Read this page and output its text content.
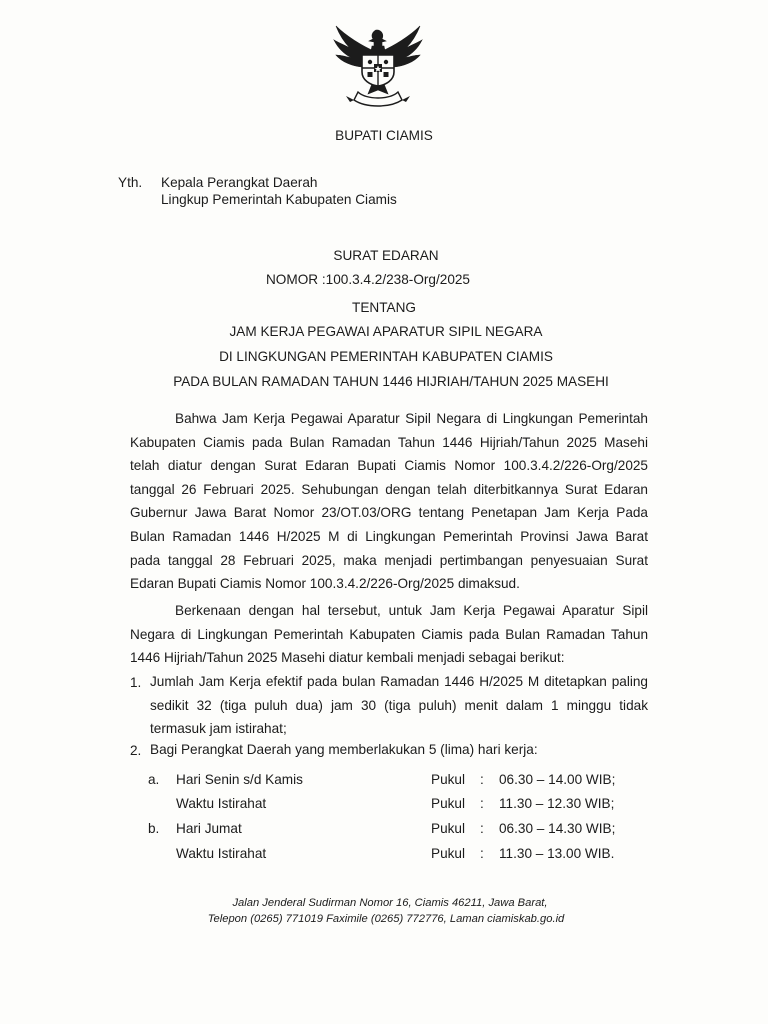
BUPATI CIAMIS
Yth. Kepala Perangkat Daerah
Lingkup Pemerintah Kabupaten Ciamis
SURAT EDARAN
NOMOR :100.3.4.2/238-Org/2025
TENTANG
JAM KERJA PEGAWAI APARATUR SIPIL NEGARA
DI LINGKUNGAN PEMERINTAH KABUPATEN CIAMIS
PADA BULAN RAMADAN TAHUN 1446 HIJRIAH/TAHUN 2025 MASEHI
Bahwa Jam Kerja Pegawai Aparatur Sipil Negara di Lingkungan Pemerintah
Kabupaten Ciamis pada Bulan Ramadan Tahun 1446 Hijriah/Tahun 2025 Masehi
telah diatur dengan Surat Edaran Bupati Ciamis Nomor 100.3.4.2/226-Org/2025
tanggal 26 Februari 2025. Sehubungan dengan telah diterbitkannya Surat Edaran
Gubernur Jawa Barat Nomor 23/OT.03/ORG tentang Penetapan Jam Kerja Pada
Bulan Ramadan 1446 H/2025 M di Lingkungan Pemerintah Provinsi Jawa Barat
pada tanggal 28 Februari 2025, maka menjadi pertimbangan penyesuaian Surat
Edaran Bupati Ciamis Nomor 100.3.4.2/226-Org/2025 dimaksud.
Berkenaan dengan hal tersebut, untuk Jam Kerja Pegawai Aparatur Sipil
Negara di Lingkungan Pemerintah Kabupaten Ciamis pada Bulan Ramadan Tahun
1446 Hijriah/Tahun 2025 Masehi diatur kembali menjadi sebagai berikut:
1. Jumlah Jam Kerja efektif pada bulan Ramadan 1446 H/2025 M ditetapkan paling
sedikit 32 (tiga puluh dua) jam 30 (tiga puluh) menit dalam 1 minggu tidak
termasuk jam istirahat;
2. Bagi Perangkat Daerah yang memberlakukan 5 (lima) hari kerja:
a. Hari Senin s/d Kamis	Pukul : 06.30 – 14.00 WIB;
Waktu Istirahat	Pukul : 11.30 – 12.30 WIB;
b. Hari Jumat	Pukul : 06.30 – 14.30 WIB;
Waktu Istirahat	Pukul : 11.30 – 13.00 WIB.
Jalan Jenderal Sudirman Nomor 16, Ciamis 46211, Jawa Barat,
Telepon (0265) 771019 Faximile (0265) 772776, Laman ciamiskab.go.id
